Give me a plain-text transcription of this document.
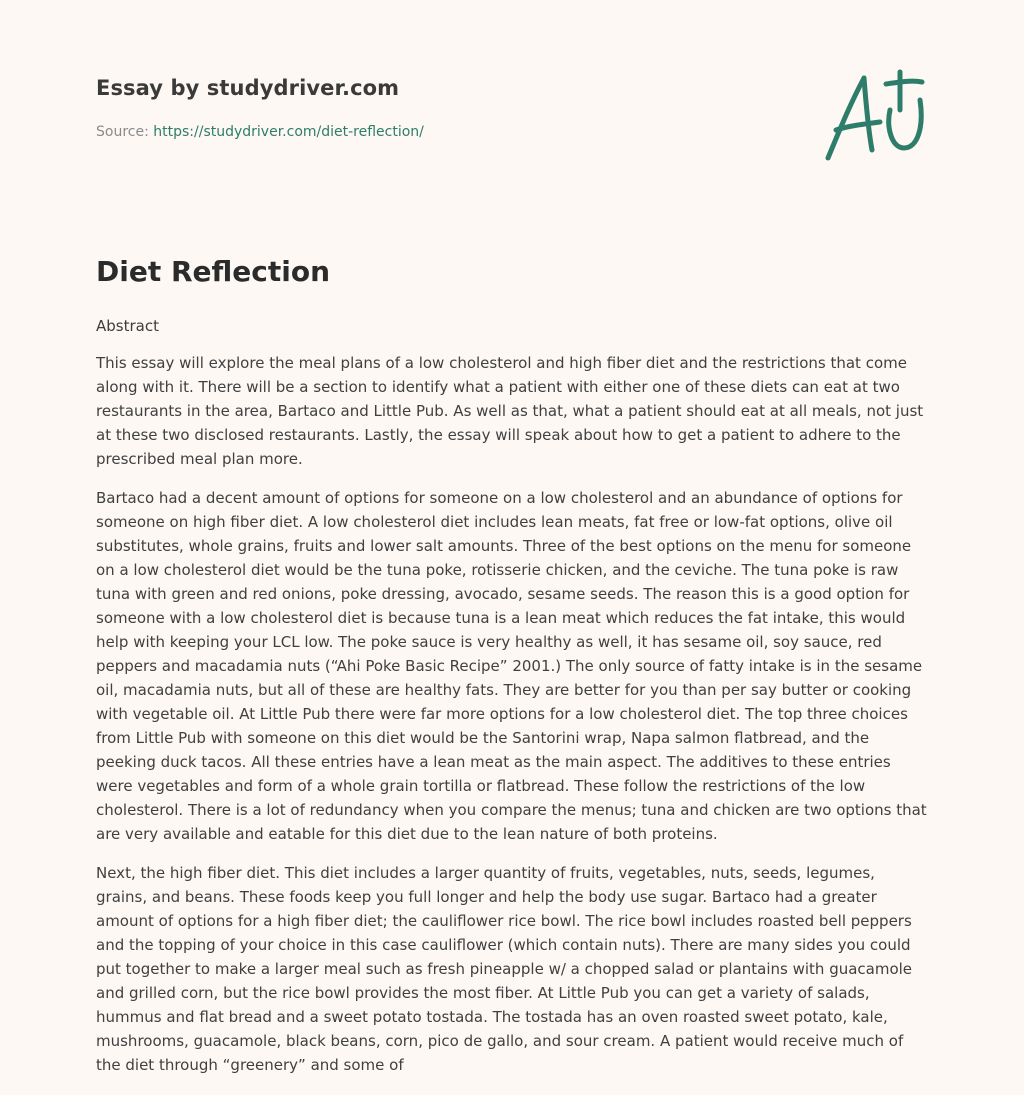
Essay by studydriver.com
Source: https://studydriver.com/diet-reflection/
Diet Reflection
Abstract

This essay will explore the meal plans of a low cholesterol and high fiber diet and the restrictions that come along with it. There will be a section to identify what a patient with either one of these diets can eat at two restaurants in the area, Bartaco and Little Pub. As well as that, what a patient should eat at all meals, not just at these two disclosed restaurants. Lastly, the essay will speak about how to get a patient to adhere to the prescribed meal plan more.

Bartaco had a decent amount of options for someone on a low cholesterol and an abundance of options for someone on high fiber diet. A low cholesterol diet includes lean meats, fat free or low-fat options, olive oil substitutes, whole grains, fruits and lower salt amounts. Three of the best options on the menu for someone on a low cholesterol diet would be the tuna poke, rotisserie chicken, and the ceviche. The tuna poke is raw tuna with green and red onions, poke dressing, avocado, sesame seeds. The reason this is a good option for someone with a low cholesterol diet is because tuna is a lean meat which reduces the fat intake, this would help with keeping your LCL low. The poke sauce is very healthy as well, it has sesame oil, soy sauce, red peppers and macadamia nuts (“Ahi Poke Basic Recipe” 2001.) The only source of fatty intake is in the sesame oil, macadamia nuts, but all of these are healthy fats. They are better for you than per say butter or cooking with vegetable oil. At Little Pub there were far more options for a low cholesterol diet. The top three choices from Little Pub with someone on this diet would be the Santorini wrap, Napa salmon flatbread, and the peeking duck tacos. All these entries have a lean meat as the main aspect. The additives to these entries were vegetables and form of a whole grain tortilla or flatbread. These follow the restrictions of the low cholesterol. There is a lot of redundancy when you compare the menus; tuna and chicken are two options that are very available and eatable for this diet due to the lean nature of both proteins.

Next, the high fiber diet. This diet includes a larger quantity of fruits, vegetables, nuts, seeds, legumes, grains, and beans. These foods keep you full longer and help the body use sugar. Bartaco had a greater amount of options for a high fiber diet; the cauliflower rice bowl. The rice bowl includes roasted bell peppers and the topping of your choice in this case cauliflower (which contain nuts). There are many sides you could put together to make a larger meal such as fresh pineapple w/ a chopped salad or plantains with guacamole and grilled corn, but the rice bowl provides the most fiber. At Little Pub you can get a variety of salads, hummus and flat bread and a sweet potato tostada. The tostada has an oven roasted sweet potato, kale, mushrooms, guacamole, black beans, corn, pico de gallo, and sour cream. A patient would receive much of the diet through “greenery” and some of
